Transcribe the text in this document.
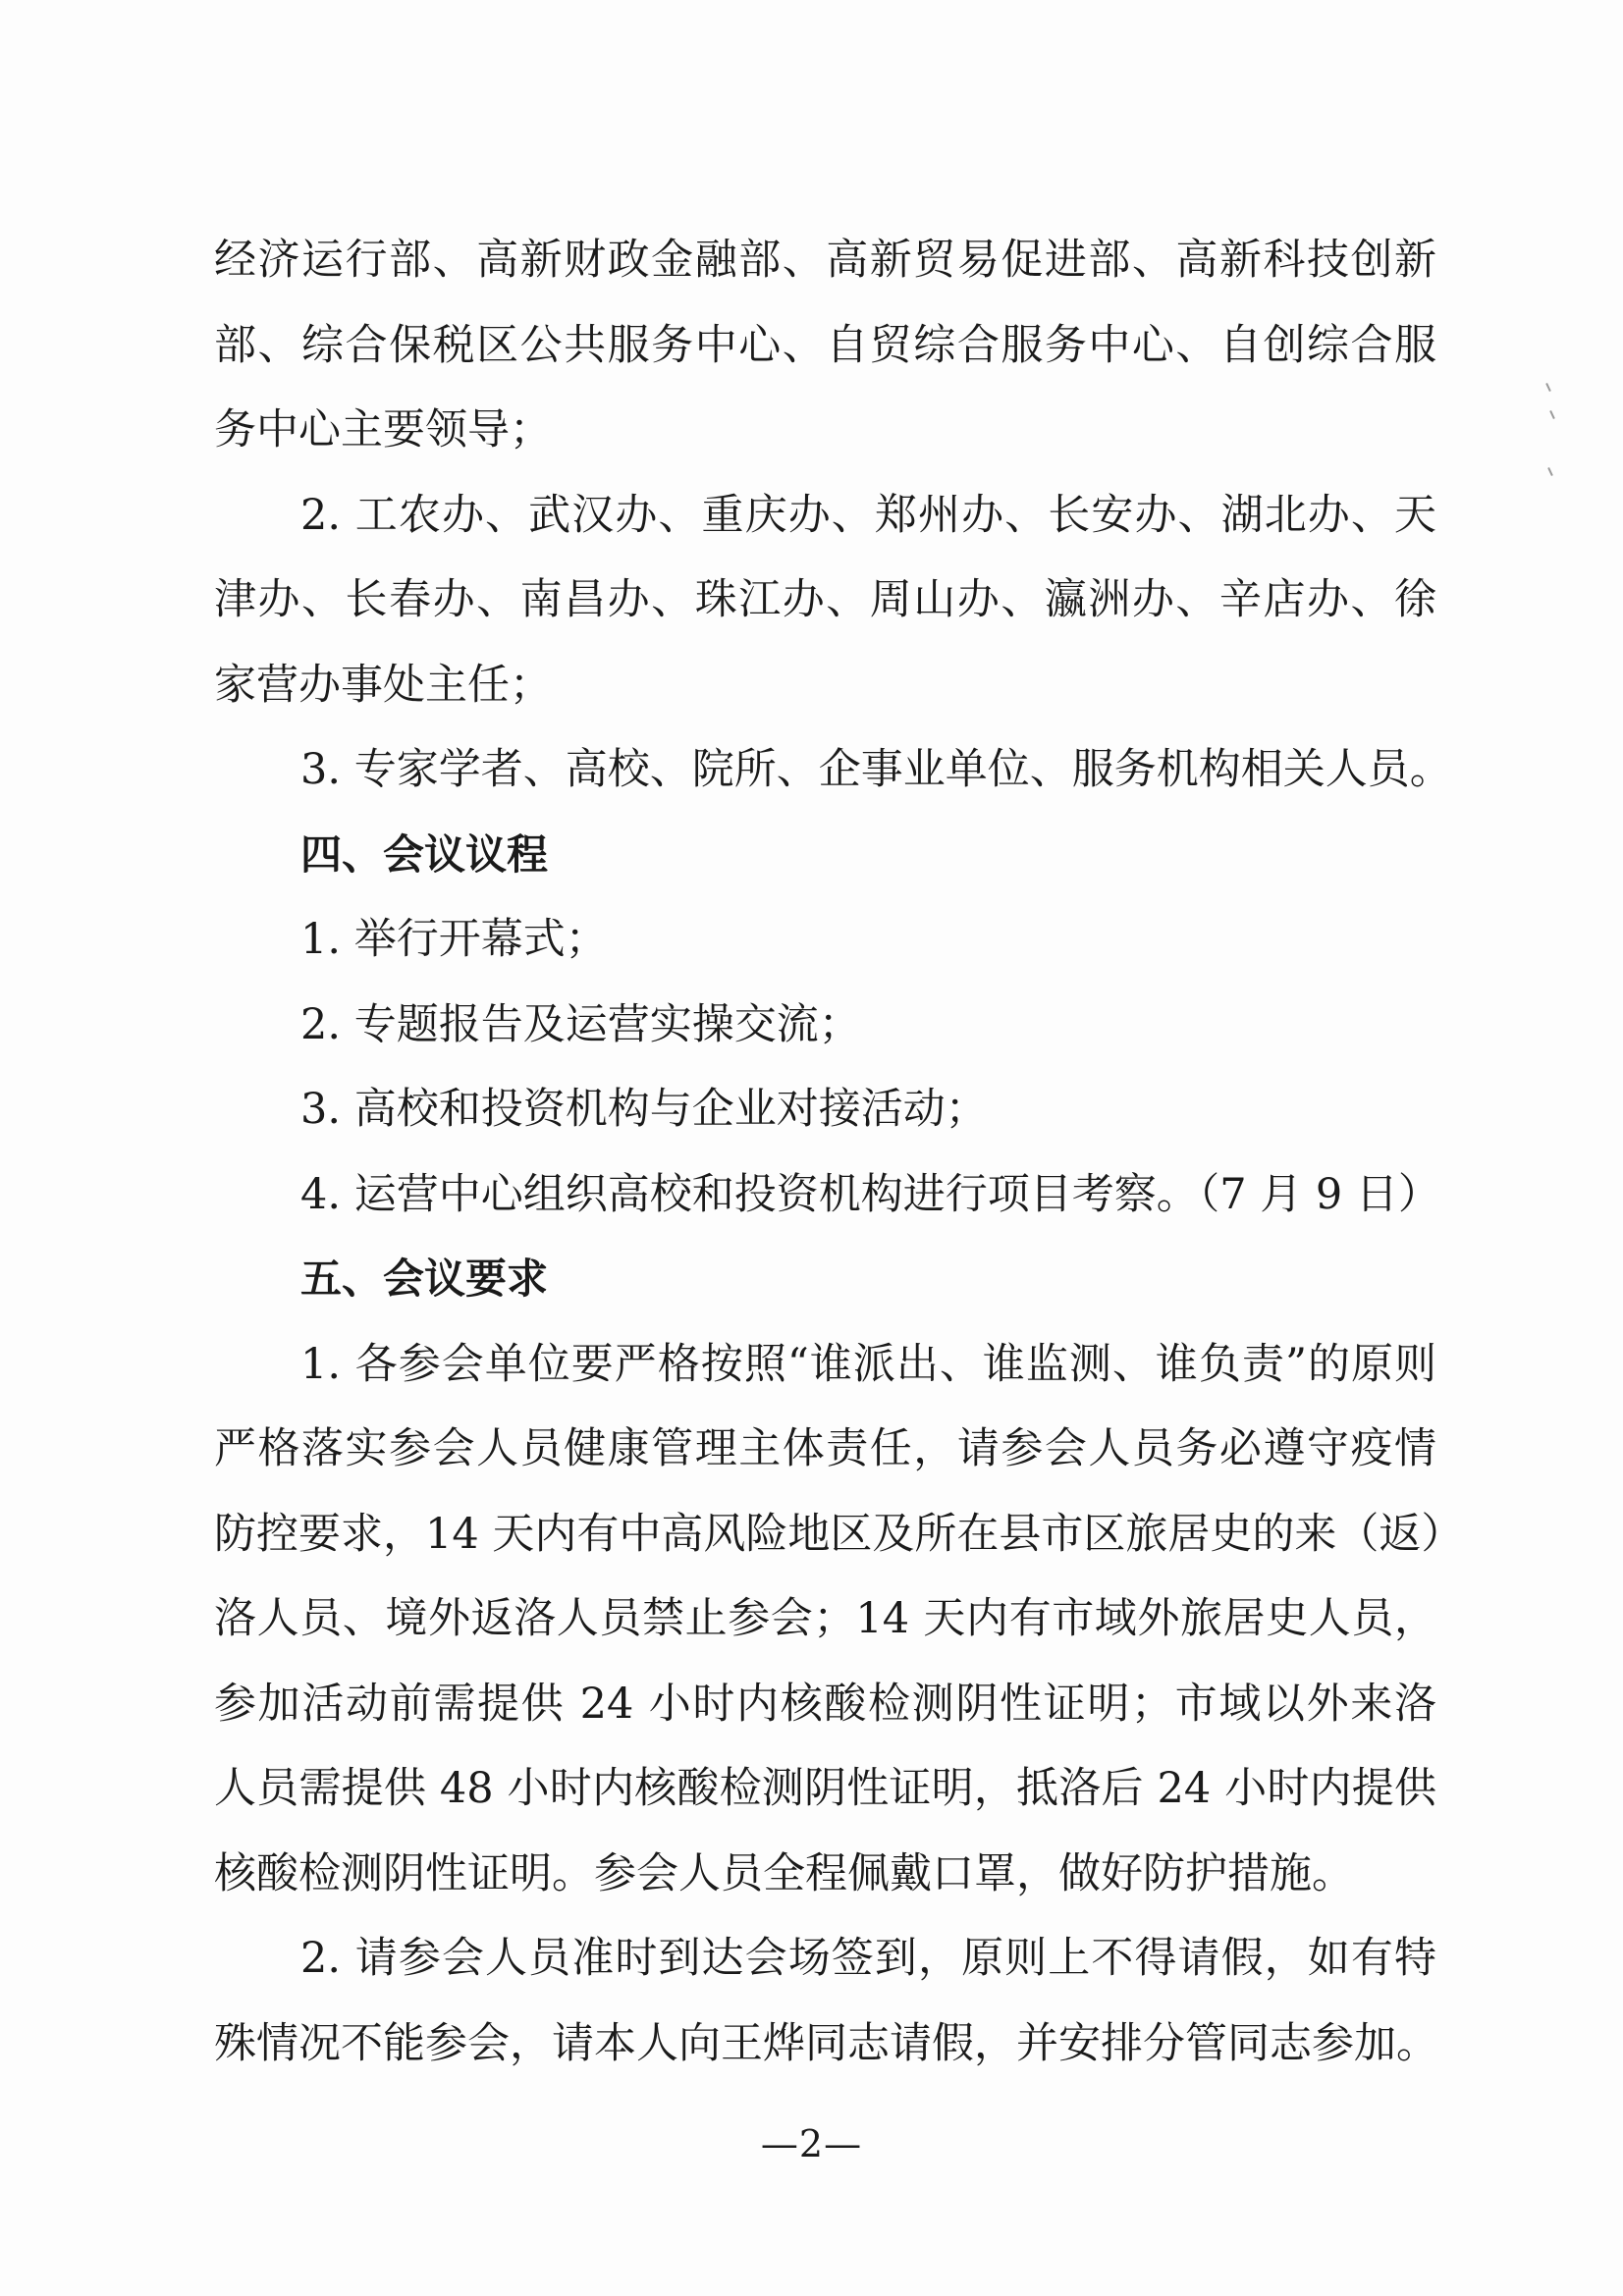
经济运行部、高新财政金融部、高新贸易促进部、高新科技创新
部、综合保税区公共服务中心、自贸综合服务中心、自创综合服
务中心主要领导；
2. 工农办、武汉办、重庆办、郑州办、长安办、湖北办、天
津办、长春办、南昌办、珠江办、周山办、瀛洲办、辛店办、徐
家营办事处主任；
3. 专家学者、高校、院所、企事业单位、服务机构相关人员。
四、会议议程
1. 举行开幕式；
2. 专题报告及运营实操交流；
3. 高校和投资机构与企业对接活动；
4. 运营中心组织高校和投资机构进行项目考察。（7 月 9 日）
五、会议要求
1. 各参会单位要严格按照“谁派出、谁监测、谁负责”的原则
严格落实参会人员健康管理主体责任，请参会人员务必遵守疫情
防控要求，14 天内有中高风险地区及所在县市区旅居史的来（返）
洛人员、境外返洛人员禁止参会；14 天内有市域外旅居史人员，
参加活动前需提供 24 小时内核酸检测阴性证明；市域以外来洛
人员需提供 48 小时内核酸检测阴性证明，抵洛后 24 小时内提供
核酸检测阴性证明。参会人员全程佩戴口罩，做好防护措施。
2. 请参会人员准时到达会场签到，原则上不得请假，如有特
殊情况不能参会，请本人向王烨同志请假，并安排分管同志参加。
—2—
